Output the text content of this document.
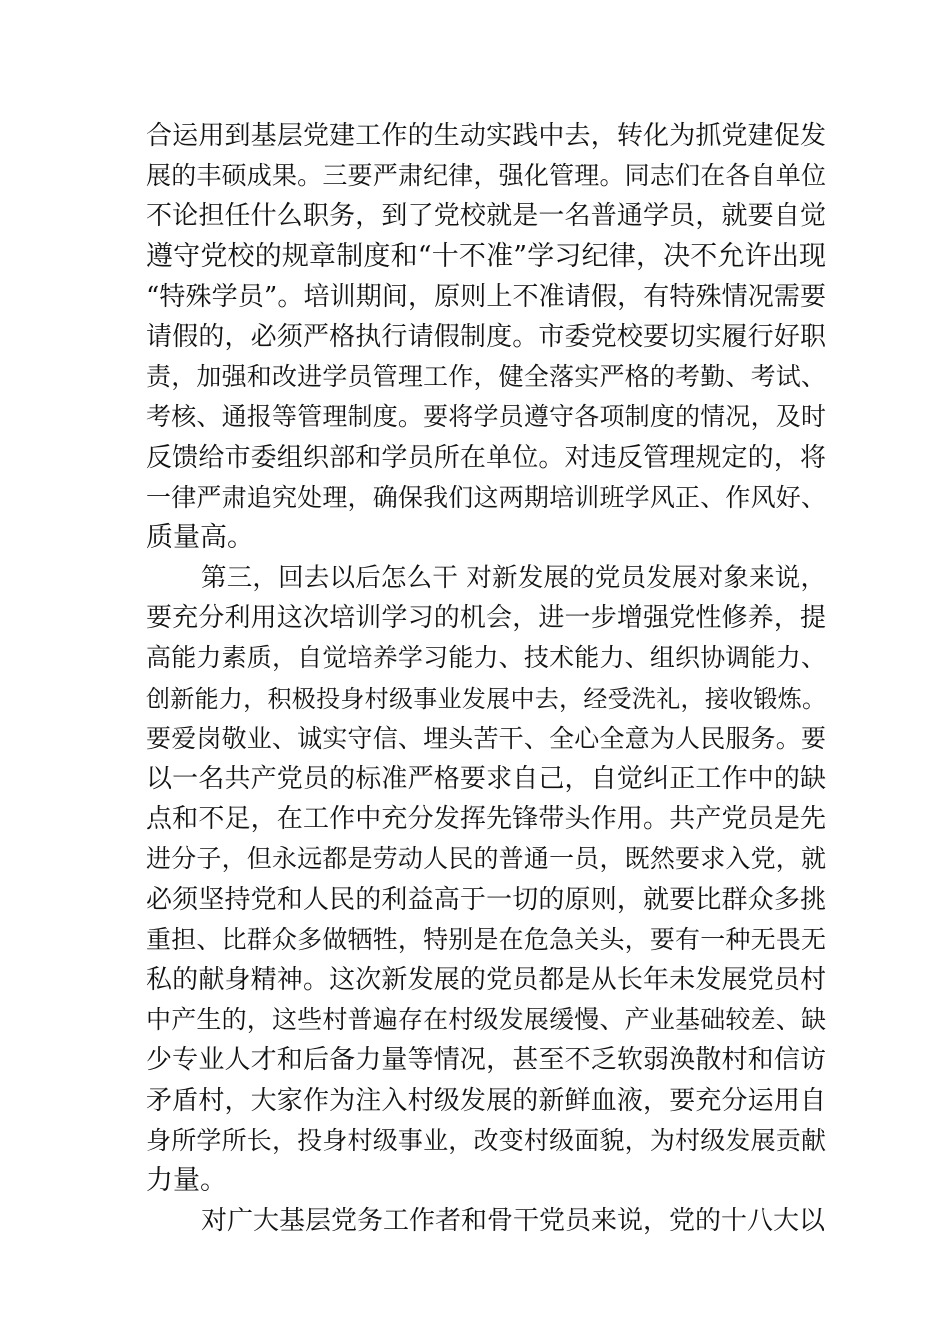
合运用到基层党建工作的生动实践中去，转化为抓党建促发
展的丰硕成果。三要严肃纪律，强化管理。同志们在各自单位
不论担任什么职务，到了党校就是一名普通学员，就要自觉
遵守党校的规章制度和“十不准”学习纪律，决不允许出现
“特殊学员”。培训期间，原则上不准请假，有特殊情况需要
请假的，必须严格执行请假制度。市委党校要切实履行好职
责，加强和改进学员管理工作，健全落实严格的考勤、考试、
考核、通报等管理制度。要将学员遵守各项制度的情况，及时
反馈给市委组织部和学员所在单位。对违反管理规定的，将
一律严肃追究处理，确保我们这两期培训班学风正、作风好、
质量高。
第三，回去以后怎么干 对新发展的党员发展对象来说，
要充分利用这次培训学习的机会，进一步增强党性修养，提
高能力素质，自觉培养学习能力、技术能力、组织协调能力、
创新能力，积极投身村级事业发展中去，经受洗礼，接收锻炼。
要爱岗敬业、诚实守信、埋头苦干、全心全意为人民服务。要
以一名共产党员的标准严格要求自己，自觉纠正工作中的缺
点和不足，在工作中充分发挥先锋带头作用。共产党员是先
进分子，但永远都是劳动人民的普通一员，既然要求入党，就
必须坚持党和人民的利益高于一切的原则，就要比群众多挑
重担、比群众多做牺牲，特别是在危急关头，要有一种无畏无
私的献身精神。这次新发展的党员都是从长年未发展党员村
中产生的，这些村普遍存在村级发展缓慢、产业基础较差、缺
少专业人才和后备力量等情况，甚至不乏软弱涣散村和信访
矛盾村，大家作为注入村级发展的新鲜血液，要充分运用自
身所学所长，投身村级事业，改变村级面貌，为村级发展贡献
力量。
对广大基层党务工作者和骨干党员来说，党的十八大以
